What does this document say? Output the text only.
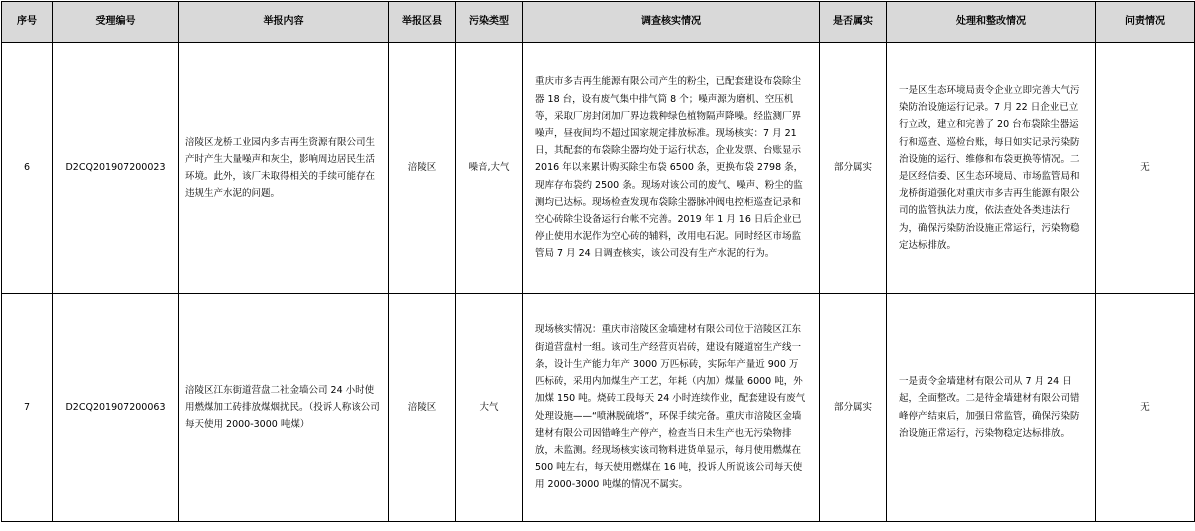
序号	受理编号	举报内容	举报区县	污染类型	调查核实情况	是否属实	处理和整改情况	问责情况
6	D2CQ201907200023	涪陵区龙桥工业园内多吉再生资源有限公司生产时产生大量噪声和灰尘，影响周边居民生活环境。此外，该厂未取得相关的手续可能存在违规生产水泥的问题。	涪陵区	噪音,大气	重庆市多吉再生能源有限公司产生的粉尘，已配套建设布袋除尘器 18 台，设有废气集中排气筒 8 个；噪声源为磨机、空压机等，采取厂房封闭加厂界边栽种绿色植物隔声降噪。经监测厂界噪声，昼夜间均不超过国家规定排放标准。现场核实：7 月 21 日，其配套的布袋除尘器均处于运行状态，企业发票、台账显示 2016 年以来累计购买除尘布袋 6500 条，更换布袋 2798 条，现库存布袋约 2500 条。现场对该公司的废气、噪声、粉尘的监测均已达标。现场检查发现布袋除尘器脉冲阀电控柜巡查记录和空心砖除尘设备运行台帐不完善。2019 年 1 月 16 日后企业已停止使用水泥作为空心砖的辅料，改用电石泥。同时经区市场监管局 7 月 24 日调查核实，该公司没有生产水泥的行为。	部分属实	一是区生态环境局责令企业立即完善大气污染防治设施运行记录。7 月 22 日企业已立行立改，建立和完善了 20 台布袋除尘器运行和巡查、巡检台账，每日如实记录污染防治设施的运行、维修和布袋更换等情况。二是区经信委、区生态环境局、市场监管局和龙桥街道强化对重庆市多吉再生能源有限公司的监管执法力度，依法查处各类违法行为，确保污染防治设施正常运行，污染物稳定达标排放。	无
7	D2CQ201907200063	涪陵区江东街道营盘二社金墙公司 24 小时使用燃煤加工砖排放煤烟扰民。（投诉人称该公司每天使用 2000-3000 吨煤）	涪陵区	大气	现场核实情况：重庆市涪陵区金墙建材有限公司位于涪陵区江东街道营盘村一组。该司生产经营页岩砖，建设有隧道窑生产线一条，设计生产能力年产 3000 万匹标砖，实际年产量近 900 万匹标砖，采用内加煤生产工艺，年耗（内加）煤量 6000 吨，外加煤 150 吨。烧砖工段每天 24 小时连续作业，配套建设有废气处理设施——“喷淋脱硫塔”，环保手续完备。重庆市涪陵区金墙建材有限公司因错峰生产停产，检查当日未生产也无污染物排放，未监测。经现场核实该司物料进货单显示，每月使用燃煤在 500 吨左右，每天使用燃煤在 16 吨，投诉人所说该公司每天使用 2000-3000 吨煤的情况不属实。	部分属实	一是责令金墙建材有限公司从 7 月 24 日起，全面整改。二是待金墙建材有限公司错峰停产结束后，加强日常监管，确保污染防治设施正常运行，污染物稳定达标排放。	无
